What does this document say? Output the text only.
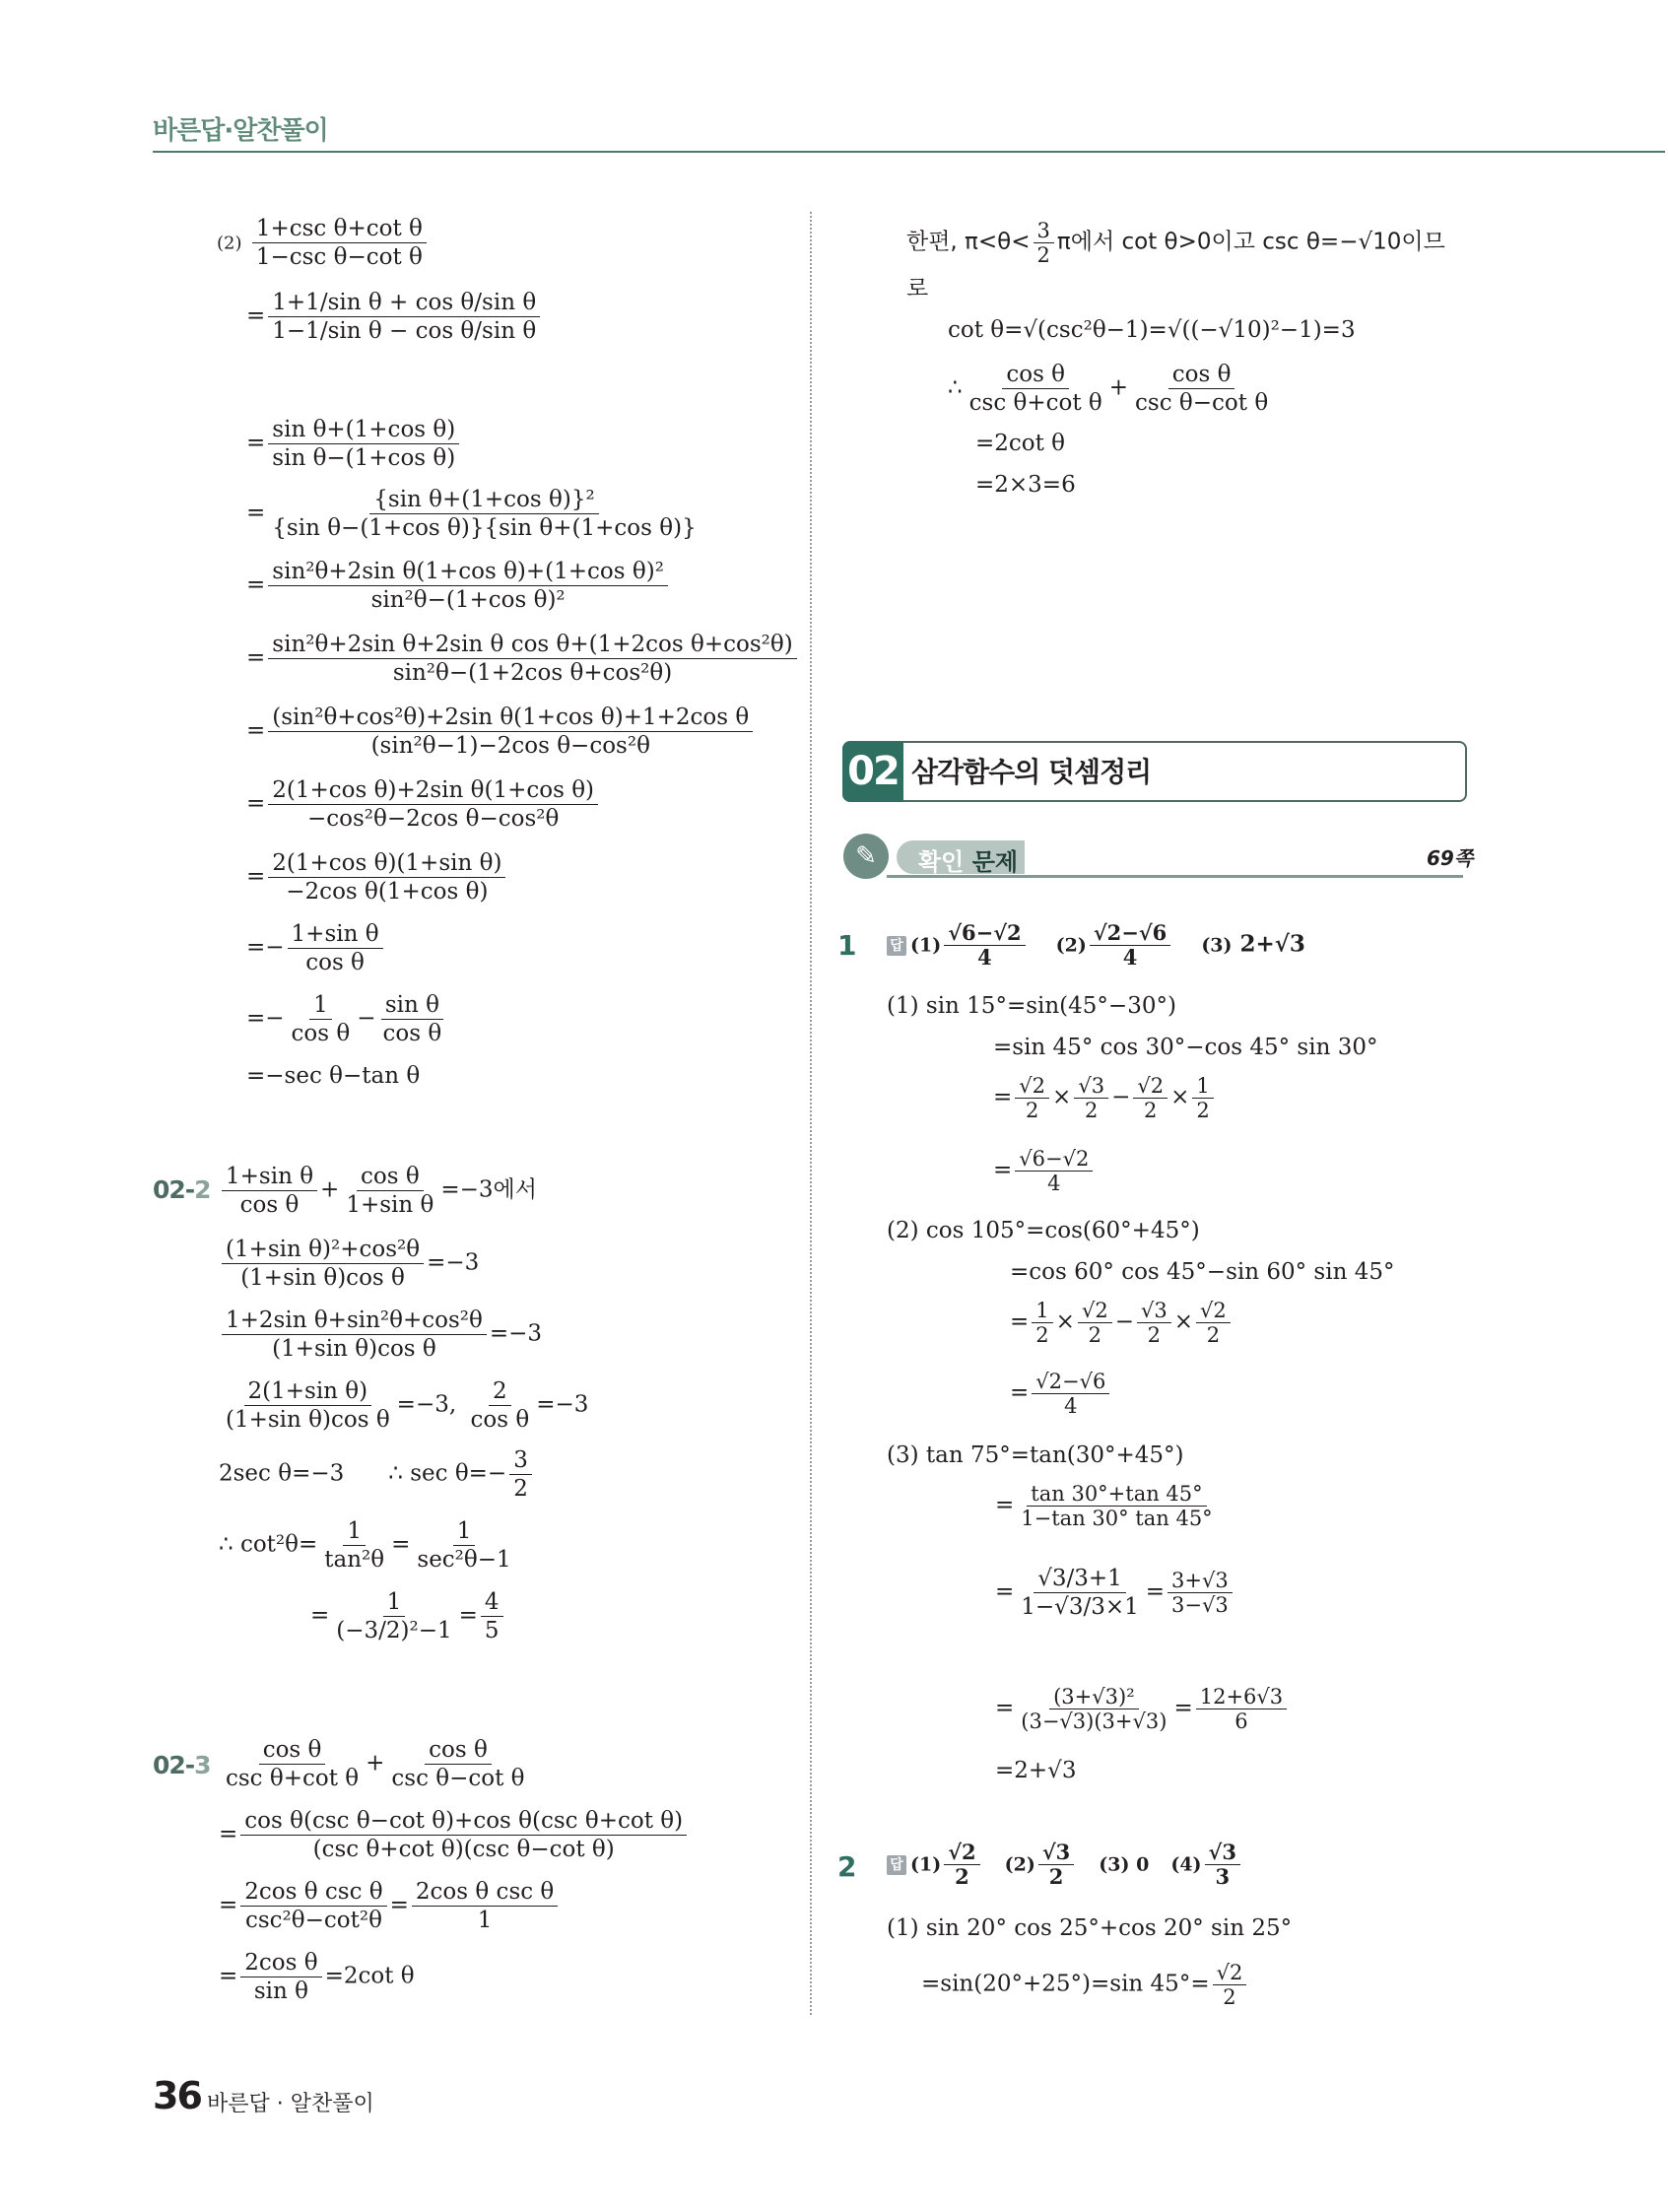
바른답·알찬풀이
$(2) \frac{\text{1+csc θ+cot θ}}{\text{1−csc θ−cot θ}}$
= $\frac{\text{1+1/sin θ + cos θ/sin θ}}{\text{1−1/sin θ − cos θ/sin θ}}$
= $\frac{\text{sin θ+(1+cos θ)}}{\text{sin θ−(1+cos θ)}}$
= $\frac{\text{\{sin θ+(1+cos θ)\}²}}{\text{\{sin θ−(1+cos θ)\}\{sin θ+(1+cos θ)\}}}$
= $\frac{\text{sin²θ+2sin θ(1+cos θ)+(1+cos θ)²}}{\text{sin²θ−(1+cos θ)²}}$
= $\frac{\text{sin²θ+2sin θ+2sin θ cos θ+(1+2cos θ+cos²θ)}}{\text{sin²θ−(1+2cos θ+cos²θ)}}$
= $\frac{\text{(sin²θ+cos²θ)+2sin θ(1+cos θ)+1+2cos θ}}{\text{(sin²θ−1)−2cos θ−cos²θ}}$
= $\frac{\text{2(1+cos θ)+2sin θ(1+cos θ)}}{\text{−cos²θ−2cos θ−cos²θ}}$
= $\frac{\text{2(1+cos θ)(1+sin θ)}}{\text{−2cos θ(1+cos θ)}}$
=− $\frac{\text{1+sin θ}}{\text{cos θ}}$
=− $\frac{1}{\text{cos θ}} - \frac{\text{sin θ}}{\text{cos θ}}$
=−sec θ−tan θ
$02-2 \frac{\text{1+sin θ}}{\text{cos θ}} + \frac{\text{cos θ}}{\text{1+sin θ}} =-3$에서
$\frac{\text{(1+sin θ)²+cos²θ}}{\text{(1+sin θ)cos θ}} =-3$
$\frac{\text{1+2sin θ+sin²θ+cos²θ}}{\text{(1+sin θ)cos θ}} =-3$
$\frac{\text{2(1+sin θ)}}{\text{(1+sin θ)cos θ}} =-3$, $\frac{2}{\text{cos θ}} =-3$
2sec θ=−3 ∴ $\sec \theta=- \frac{3}{2}$
∴ $\cot^2\theta= \frac{1}{\text{tan²θ}} = \frac{1}{\text{sec²θ−1}}$
= $\frac{1}{\text{(−3/2)²−1}} = \frac{4}{5}$
$02-3 \frac{\text{cos θ}}{\text{csc θ+cot θ}} + \frac{\text{cos θ}}{\text{csc θ−cot θ}}$
= $\frac{\text{cos θ(csc θ−cot θ)+cos θ(csc θ+cot θ)}}{\text{(csc θ+cot θ)(csc θ−cot θ)}}$
= $\frac{\text{2cos θ csc θ}}{\text{csc²θ−cot²θ}} = \frac{\text{2cos θ csc θ}}{1}$
= $\frac{\text{2cos θ}}{\text{sin θ}} =2\cot$ θ
한편, $\pi<\theta< \frac{3}{2}$ π에서 cot θ>0이고 csc θ=−√10이므
로
cot θ=√(csc²θ−1)=√((−√10)²−1)=3
∴ $\frac{\text{cos θ}}{\text{csc θ+cot θ}} + \frac{\text{cos θ}}{\text{csc θ−cot θ}}$
=2cot θ
=2×3=6
02 삼각함수의 덧셈정리
✎	확인 문제	69쪽
1 답 $(1) \frac{√6-√2}{4} (2) \frac{√2-√6}{4} (3)$ 2+√3
(1) sin 15°=sin(45°−30°)
=sin 45° cos 30°−cos 45° sin 30°
= $\frac{√2}{2} \times \frac{√3}{2} - \frac{√2}{2} \times \frac{1}{2}$
= $\frac{√6-√2}{4}$
(2) cos 105°=cos(60°+45°)
=cos 60° cos 45°−sin 60° sin 45°
= $\frac{1}{2} \times \frac{√2}{2} - \frac{√3}{2} \times \frac{√2}{2}$
= $\frac{√2-√6}{4}$
(3) tan 75°=tan(30°+45°)
= $\frac{\tan 30^\circ+\tan 45^\circ}{1-\tan 30^\circ \tan 45^\circ}$
= $\frac{√3/3+1}{1-√3/3\times 1} = \frac{3+√3}{3-√3}$
= $\frac{\text{(3+√3)²}}{(3-√3)(3+√3)} = \frac{12+6√3}{6}$
=2+√3
2 답 $(1) \frac{√2}{2} (2) \frac{√3}{2} (3)$ 0 $(4) \frac{√3}{3}$
(1) sin 20° cos 25°+cos 20° sin 25°
=sin(20°+25°)=sin $45^\circ= \frac{√2}{2}$
36 바른답 · 알찬풀이
